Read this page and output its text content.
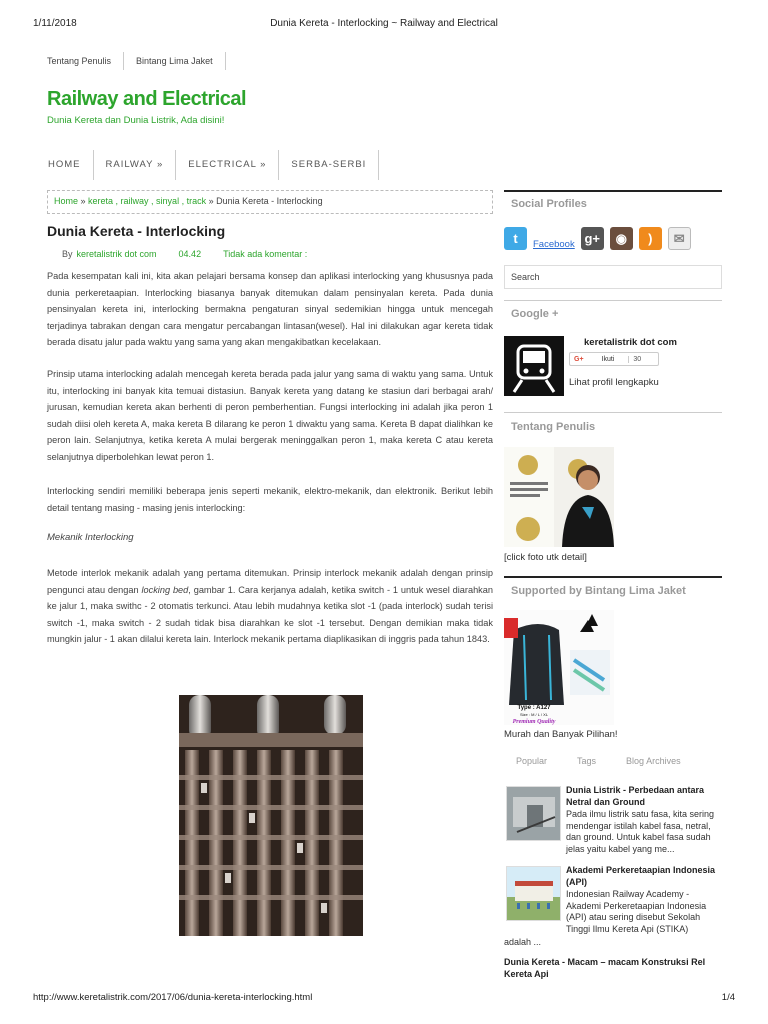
1/11/2018	Dunia Kereta - Interlocking ~ Railway and Electrical
Tentang Penulis	Bintang Lima Jaket
Railway and Electrical
Dunia Kereta dan Dunia Listrik, Ada disini!
HOME	RAILWAY »	ELECTRICAL »	SERBA-SERBI
Home » kereta , railway , sinyal , track » Dunia Kereta - Interlocking
Dunia Kereta - Interlocking
By keretalistrik dot com 04.42 Tidak ada komentar :
Pada kesempatan kali ini, kita akan pelajari bersama konsep dan aplikasi interlocking yang khususnya pada dunia perkeretaapian. Interlocking biasanya banyak ditemukan dalam pensinyalan kereta. Pada dunia pensinyalan kereta ini, interlocking bermakna pengaturan sinyal sedemikian hingga untuk mencegah terjadinya tabrakan dengan cara mengatur percabangan lintasan(wesel). Hal ini dilakukan agar kereta tidak berada disatu jalur pada waktu yang sama yang akan mengakibatkan kecelakaan.
Prinsip utama interlocking adalah mencegah kereta berada pada jalur yang sama di waktu yang sama. Untuk itu, interlocking ini banyak kita temuai distasiun. Banyak kereta yang datang ke stasiun dari berbagai arah/ jurusan, kemudian kereta akan berhenti di peron pemberhentian. Fungsi interlocking ini adalah jika peron 1 sudah diisi oleh kereta A, maka kereta B dilarang ke peron 1 diwaktu yang sama. Kereta B dapat dialihkan ke peron lain. Selanjutnya, ketika kereta A mulai bergerak meninggalkan peron 1, maka kereta C atau kereta selanjutnya diperbolehkan lewat peron 1.
Interlocking sendiri memiliki beberapa jenis seperti mekanik, elektro-mekanik, dan elektronik. Berikut lebih detail tentang masing - masing jenis interlocking:
Mekanik Interlocking
Metode interlok mekanik adalah yang pertama ditemukan. Prinsip interlock mekanik adalah dengan prinsip pengunci atau dengan locking bed, gambar 1. Cara kerjanya adalah, ketika switch - 1 untuk wesel diarahkan ke jalur 1, maka swithc - 2 otomatis terkunci. Atau lebih mudahnya ketika slot -1 (pada interlock) sudah terisi switch -1, maka switch - 2 sudah tidak bisa diarahkan ke slot -1 tersebut. Dengan demikian maka tidak mungkin jalur - 1 akan dilalui kereta lain. Interlock mekanik pertama diaplikasikan di inggris pada tahun 1843.
Social Profiles
t	Facebook g+	◉	)	✉
Search
Google +
keretalistrik dot com
G+	Ikuti	30
Lihat profil lengkapku
Tentang Penulis
[click foto utk detail]
Supported by Bintang Lima Jaket
Type : A127
Size : M / L / XL
Premium Quality
Murah dan Banyak Pilihan!
Popular	Tags	Blog Archives
Dunia Listrik - Perbedaan antara Netral dan Ground
Pada ilmu listrik satu fasa, kita sering mendengar istilah kabel fasa, netral, dan ground. Untuk kabel fasa sudah jelas yaitu kabel yang me...
Akademi Perkeretaapian Indonesia (API)
Indonesian Railway Academy - Akademi Perkeretaapian Indonesia (API) atau sering disebut Sekolah Tinggi Ilmu Kereta Api (STIKA)
adalah ...
Dunia Kereta - Macam – macam Konstruksi Rel Kereta Api
http://www.keretalistrik.com/2017/06/dunia-kereta-interlocking.html	1/4
